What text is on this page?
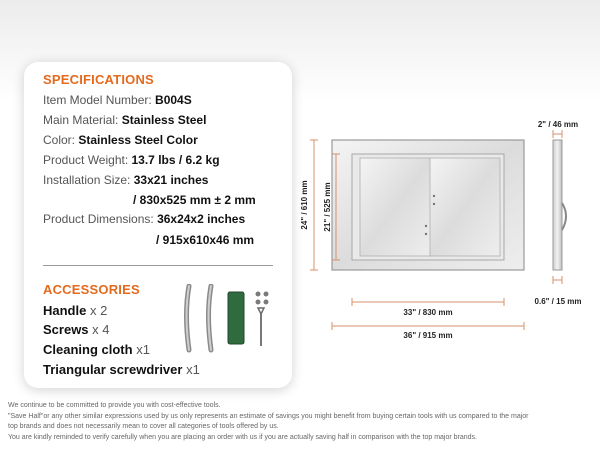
SPECIFICATIONS
Item Model Number: B004S
Main Material: Stainless Steel
Color: Stainless Steel Color
Product Weight: 13.7 lbs / 6.2 kg
Installation Size: 33x21 inches
/ 830x525 mm ± 2 mm
Product Dimensions: 36x24x2 inches
/ 915x610x46 mm
ACCESSORIES
Handle x 2
Screws x 4
Cleaning cloth x1
Triangular screwdriver x1
24" / 610 mm 21" / 525 mm
33" / 830 mm
36" / 915 mm
2" / 46 mm
0.6" / 15 mm
We continue to be committed to provide you with cost-effective tools.
"Save Half"or any other similar expressions used by us only represents an estimate of savings you might benefit from buying certain tools with us compared to the major
top brands and does not necessarily mean to cover all categories of tools offered by us.
You are kindly reminded to verify carefully when you are placing an order with us if you are actually saving half in comparison with the top major brands.
